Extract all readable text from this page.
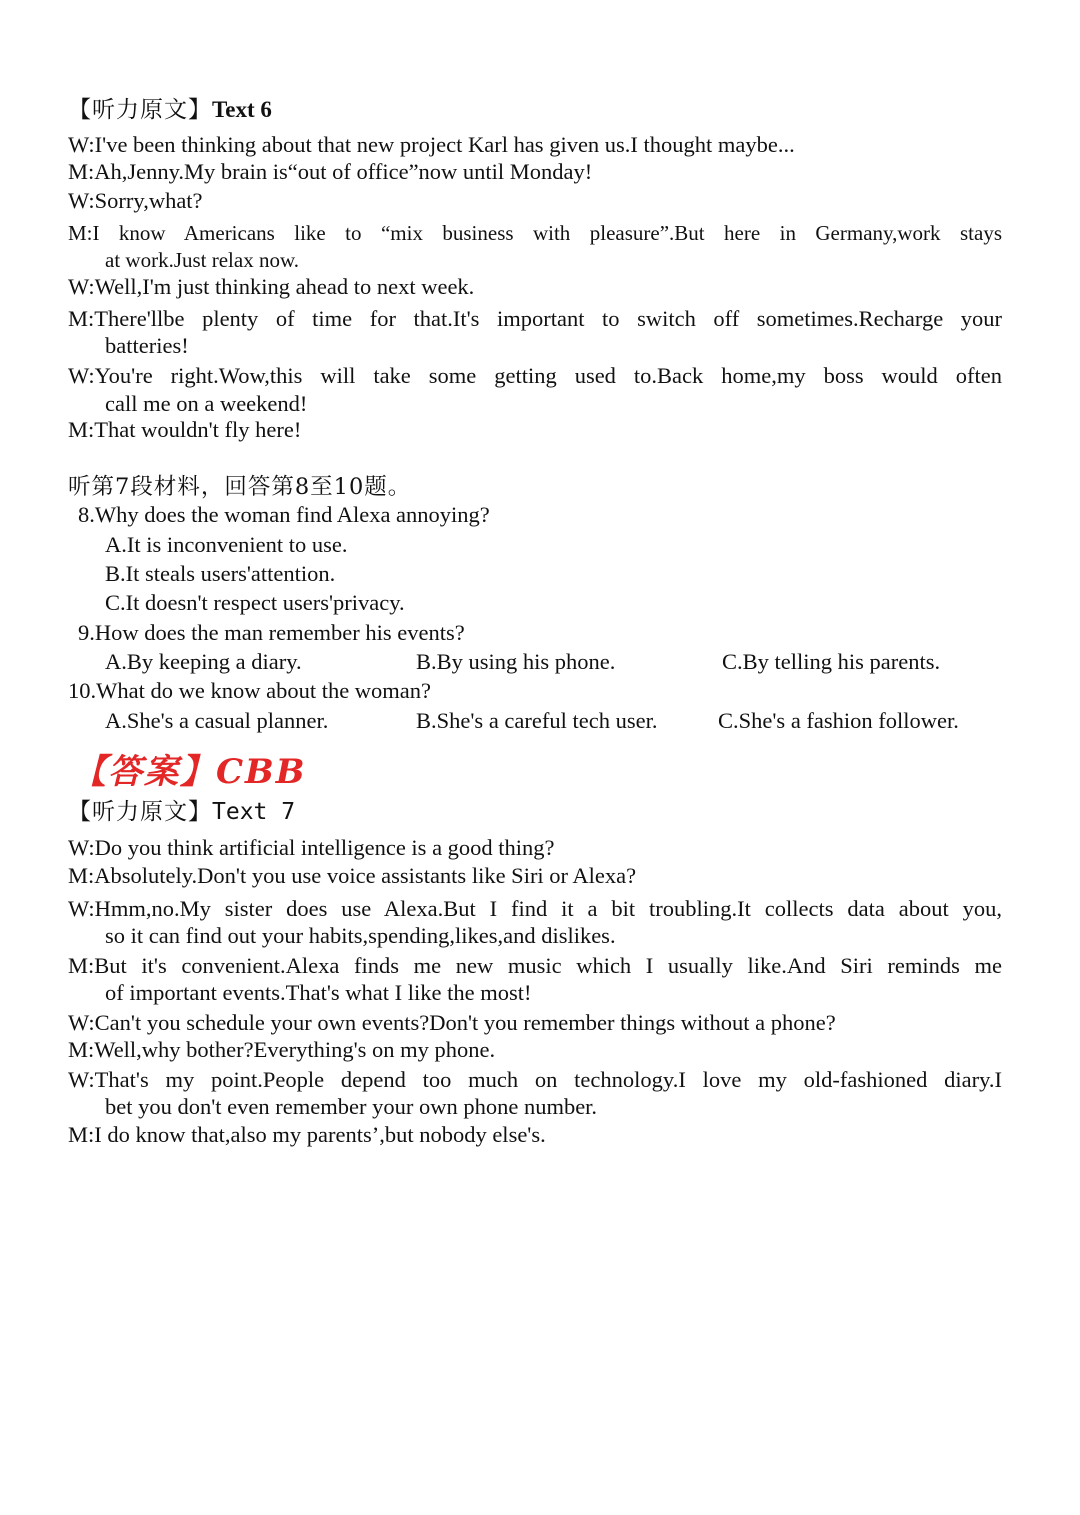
【听力原文】Text 6
W:I've been thinking about that new project Karl has given us.I thought maybe...
M:Ah,Jenny.My brain is“out of office”now until Monday!
W:Sorry,what?
M:I know Americans like to “mix business with pleasure”.But here in Germany,work stays
at work.Just relax now.
W:Well,I'm just thinking ahead to next week.
M:There'llbe plenty of time for that.It's important to switch off sometimes.Recharge your
batteries!
W:You're right.Wow,this will take some getting used to.Back home,my boss would often
call me on a weekend!
M:That wouldn't fly here!
听第7段材料，回答第8至10题。
8.Why does the woman find Alexa annoying?
A.It is inconvenient to use.
B.It steals users'attention.
C.It doesn't respect users'privacy.
9.How does the man remember his events?
A.By keeping a diary.	B.By using his phone.	C.By telling his parents.
10.What do we know about the woman?
A.She's a casual planner.	B.She's a careful tech user.	C.She's a fashion follower.
【答案】CBB
【听力原文】Text 7
W:Do you think artificial intelligence is a good thing?
M:Absolutely.Don't you use voice assistants like Siri or Alexa?
W:Hmm,no.My sister does use Alexa.But I find it a bit troubling.It collects data about you,
so it can find out your habits,spending,likes,and dislikes.
M:But it's convenient.Alexa finds me new music which I usually like.And Siri reminds me
of important events.That's what I like the most!
W:Can't you schedule your own events?Don't you remember things without a phone?
M:Well,why bother?Everything's on my phone.
W:That's my point.People depend too much on technology.I love my old-fashioned diary.I
bet you don't even remember your own phone number.
M:I do know that,also my parents’,but nobody else's.
